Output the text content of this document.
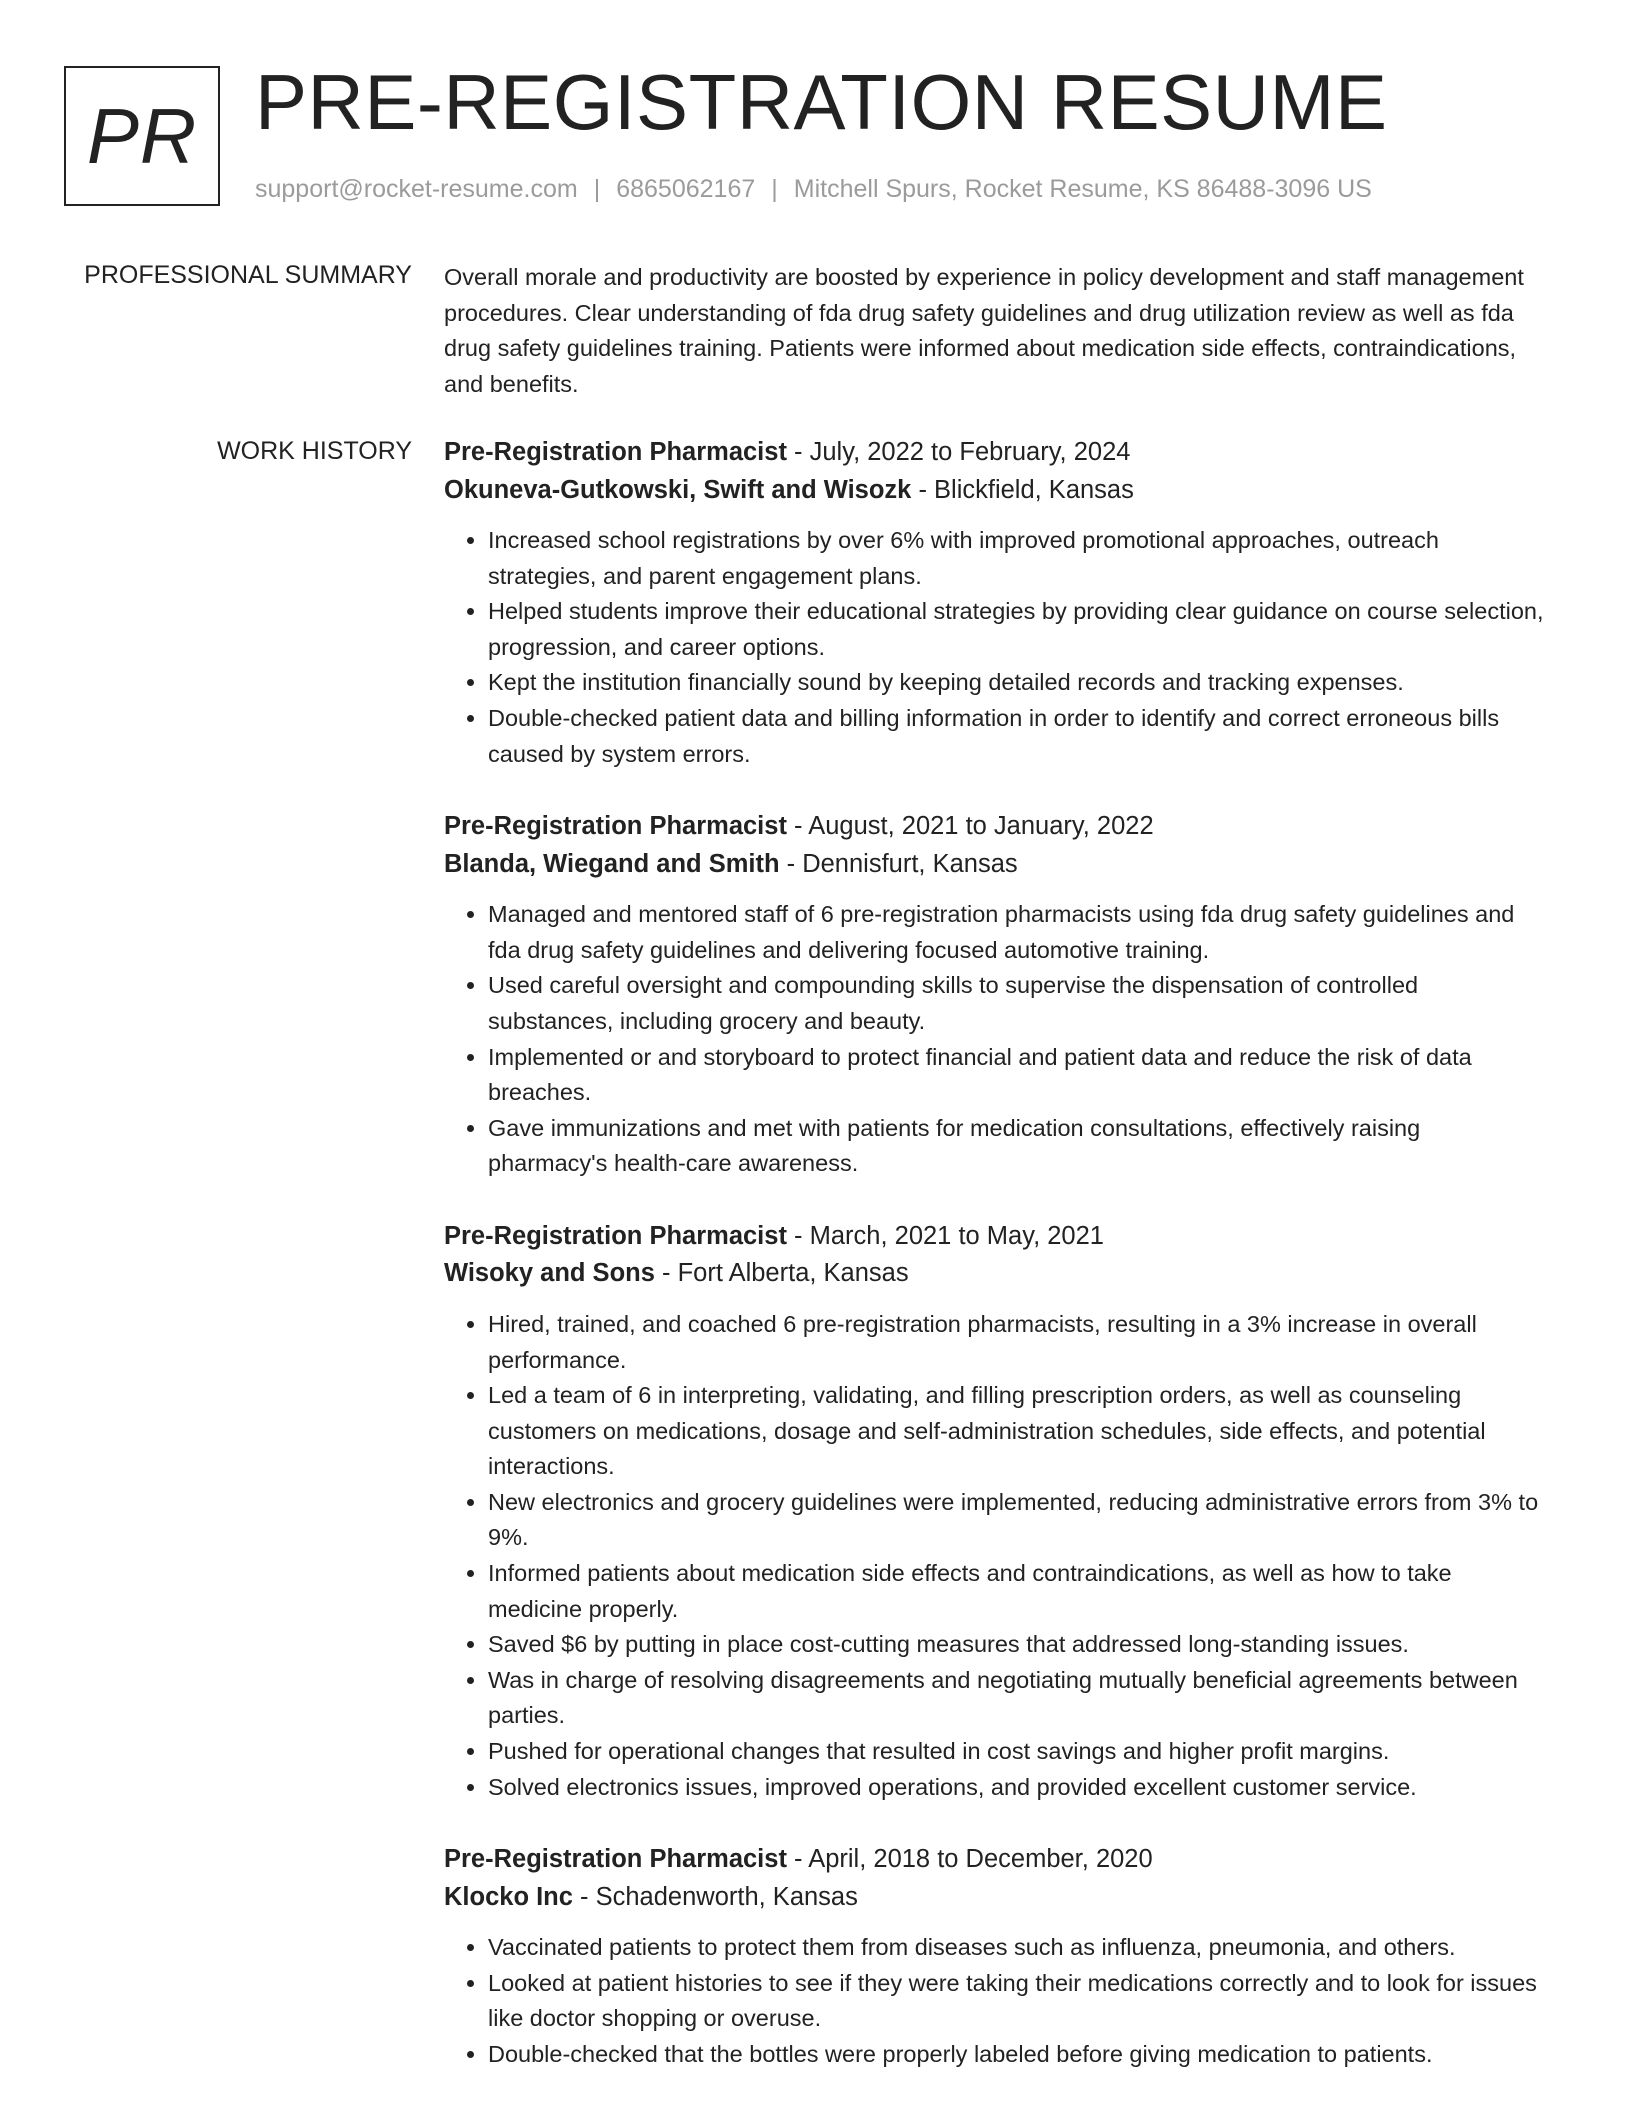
PR PRE-REGISTRATION RESUME
support@rocket-resume.com | 6865062167 | Mitchell Spurs, Rocket Resume, KS 86488-3096 US
PROFESSIONAL SUMMARY Overall morale and productivity are boosted by experience in policy development and staff management procedures. Clear understanding of fda drug safety guidelines and drug utilization review as well as fda drug safety guidelines training. Patients were informed about medication side effects, contraindications, and benefits.

WORK HISTORY Pre-Registration Pharmacist - July, 2022 to February, 2024
Okuneva-Gutkowski, Swift and Wisozk - Blickfield, Kansas
• Increased school registrations by over 6% with improved promotional approaches, outreach strategies, and parent engagement plans.
• Helped students improve their educational strategies by providing clear guidance on course selection, progression, and career options.
• Kept the institution financially sound by keeping detailed records and tracking expenses.
• Double-checked patient data and billing information in order to identify and correct erroneous bills caused by system errors.
Pre-Registration Pharmacist - August, 2021 to January, 2022
Blanda, Wiegand and Smith - Dennisfurt, Kansas
• Managed and mentored staff of 6 pre-registration pharmacists using fda drug safety guidelines and fda drug safety guidelines and delivering focused automotive training.
• Used careful oversight and compounding skills to supervise the dispensation of controlled substances, including grocery and beauty.
• Implemented or and storyboard to protect financial and patient data and reduce the risk of data breaches.
• Gave immunizations and met with patients for medication consultations, effectively raising pharmacy's health-care awareness.
Pre-Registration Pharmacist - March, 2021 to May, 2021
Wisoky and Sons - Fort Alberta, Kansas
• Hired, trained, and coached 6 pre-registration pharmacists, resulting in a 3% increase in overall performance.
• Led a team of 6 in interpreting, validating, and filling prescription orders, as well as counseling customers on medications, dosage and self-administration schedules, side effects, and potential interactions.
• New electronics and grocery guidelines were implemented, reducing administrative errors from 3% to 9%.
• Informed patients about medication side effects and contraindications, as well as how to take medicine properly.
• Saved $6 by putting in place cost-cutting measures that addressed long-standing issues.
• Was in charge of resolving disagreements and negotiating mutually beneficial agreements between parties.
• Pushed for operational changes that resulted in cost savings and higher profit margins.
• Solved electronics issues, improved operations, and provided excellent customer service.
Pre-Registration Pharmacist - April, 2018 to December, 2020
Klocko Inc - Schadenworth, Kansas
• Vaccinated patients to protect them from diseases such as influenza, pneumonia, and others.
• Looked at patient histories to see if they were taking their medications correctly and to look for issues like doctor shopping or overuse.
• Double-checked that the bottles were properly labeled before giving medication to patients.
